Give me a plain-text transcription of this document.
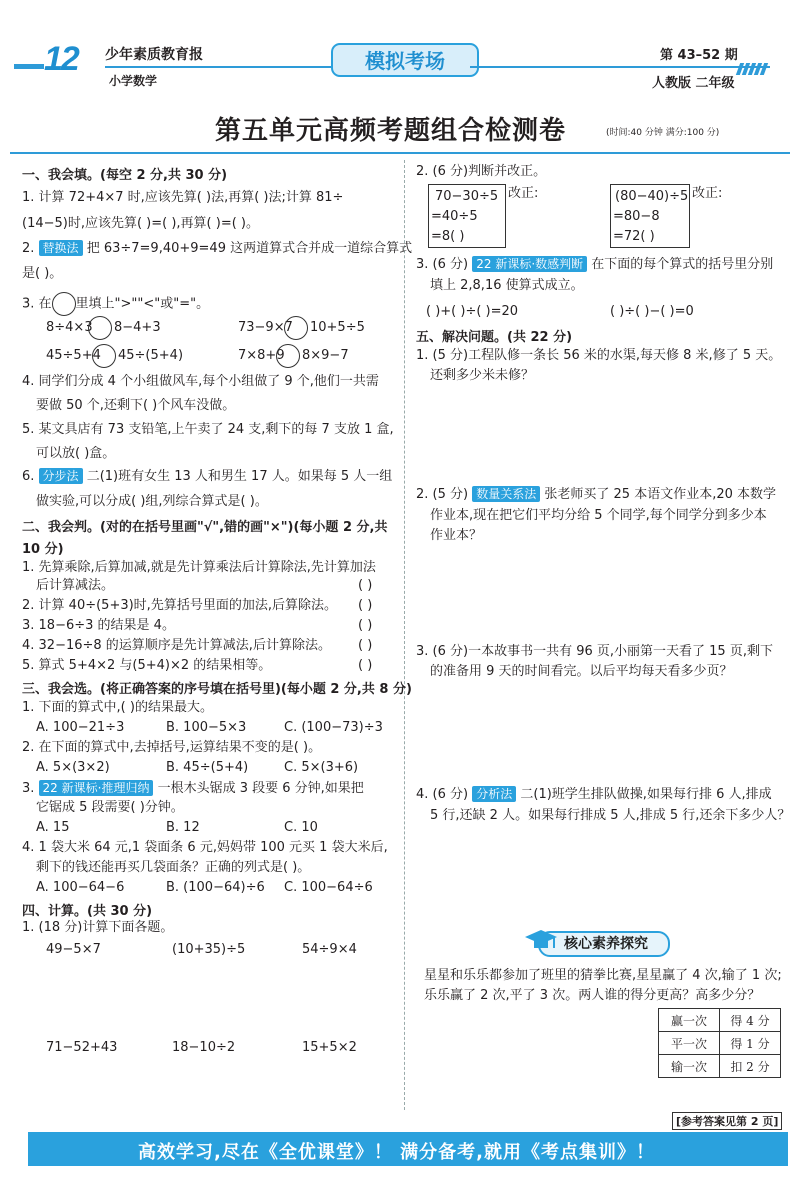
12 少年素质教育报
小学数学
模拟考场	第 43–52 期
人教版 二年级
第五单元高频考题组合检测卷	(时间:40 分钟 满分:100 分)
一、我会填。(每空 2 分,共 30 分)
1. 计算 72+4×7 时,应该先算( )法,再算( )法;计算 81÷
(14−5)时,应该先算( )=( ),再算( )=( )。
2. 替换法 把 63÷7=9,40+9=49 这两道算式合并成一道综合算式
是( )。
3. 在 里填上">""<"或"="。
8÷4×3 8−4+3	73−9×7 10+5÷5
45÷5+4 45÷(5+4)	7×8+9 8×9−7
4. 同学们分成 4 个小组做风车,每个小组做了 9 个,他们一共需
要做 50 个,还剩下( )个风车没做。
5. 某文具店有 73 支铅笔,上午卖了 24 支,剩下的每 7 支放 1 盒,
可以放( )盒。
6. 分步法 二(1)班有女生 13 人和男生 17 人。如果每 5 人一组
做实验,可以分成( )组,列综合算式是( )。
二、我会判。(对的在括号里画"√",错的画"×")(每小题 2 分,共
10 分)
1. 先算乘除,后算加减,就是先计算乘法后计算除法,先计算加法
后计算减法。	( )
2. 计算 40÷(5+3)时,先算括号里面的加法,后算除法。 ( )
3. 18−6÷3 的结果是 4。	( )
4. 32−16÷8 的运算顺序是先计算减法,后计算除法。 ( )
5. 算式 5+4×2 与(5+4)×2 的结果相等。	( )
三、我会选。(将正确答案的序号填在括号里)(每小题 2 分,共 8 分)
1. 下面的算式中,( )的结果最大。
A. 100−21÷3	B. 100−5×3	C. (100−73)÷3
2. 在下面的算式中,去掉括号,运算结果不变的是( )。
A. 5×(3×2)	B. 45÷(5+4)	C. 5×(3+6)
3. 22 新课标·推理归纳 一根木头锯成 3 段要 6 分钟,如果把
它锯成 5 段需要( )分钟。
A. 15	B. 12	C. 10
4. 1 袋大米 64 元,1 袋面条 6 元,妈妈带 100 元买 1 袋大米后,
剩下的钱还能再买几袋面条？正确的列式是( )。
A. 100−64−6	B. (100−64)÷6 C. 100−64÷6
四、计算。(共 30 分)
1. (18 分)计算下面各题。
49−5×7	(10+35)÷5	54÷9×4
71−52+43	18−10÷2	15+5×2
2. (6 分)判断并改正。
70−30÷5
=40÷5
=8( )
改正:	(80−40)÷5
=80−8
=72( )
改正:
3. (6 分) 22 新课标·数感判断 在下面的每个算式的括号里分别
填上 2,8,16 使算式成立。
( )+( )÷( )=20	( )÷( )−( )=0
五、解决问题。(共 22 分)
1. (5 分)工程队修一条长 56 米的水渠,每天修 8 米,修了 5 天。
还剩多少米未修？
2. (5 分) 数量关系法 张老师买了 25 本语文作业本,20 本数学
作业本,现在把它们平均分给 5 个同学,每个同学分到多少本
作业本？
3. (6 分)一本故事书一共有 96 页,小丽第一天看了 15 页,剩下
的准备用 9 天的时间看完。以后平均每天看多少页？
4. (6 分) 分析法 二(1)班学生排队做操,如果每行排 6 人,排成
5 行,还缺 2 人。如果每行排成 5 人,排成 5 行,还余下多少人？
核心素养探究
星星和乐乐都参加了班里的猜拳比赛,星星赢了 4 次,输了 1 次;
乐乐赢了 2 次,平了 3 次。两人谁的得分更高？高多少分？
赢一次	得 4 分
平一次	得 1 分
输一次	扣 2 分
[参考答案见第 2 页]
高效学习,尽在《全优课堂》！ 满分备考,就用《考点集训》！
